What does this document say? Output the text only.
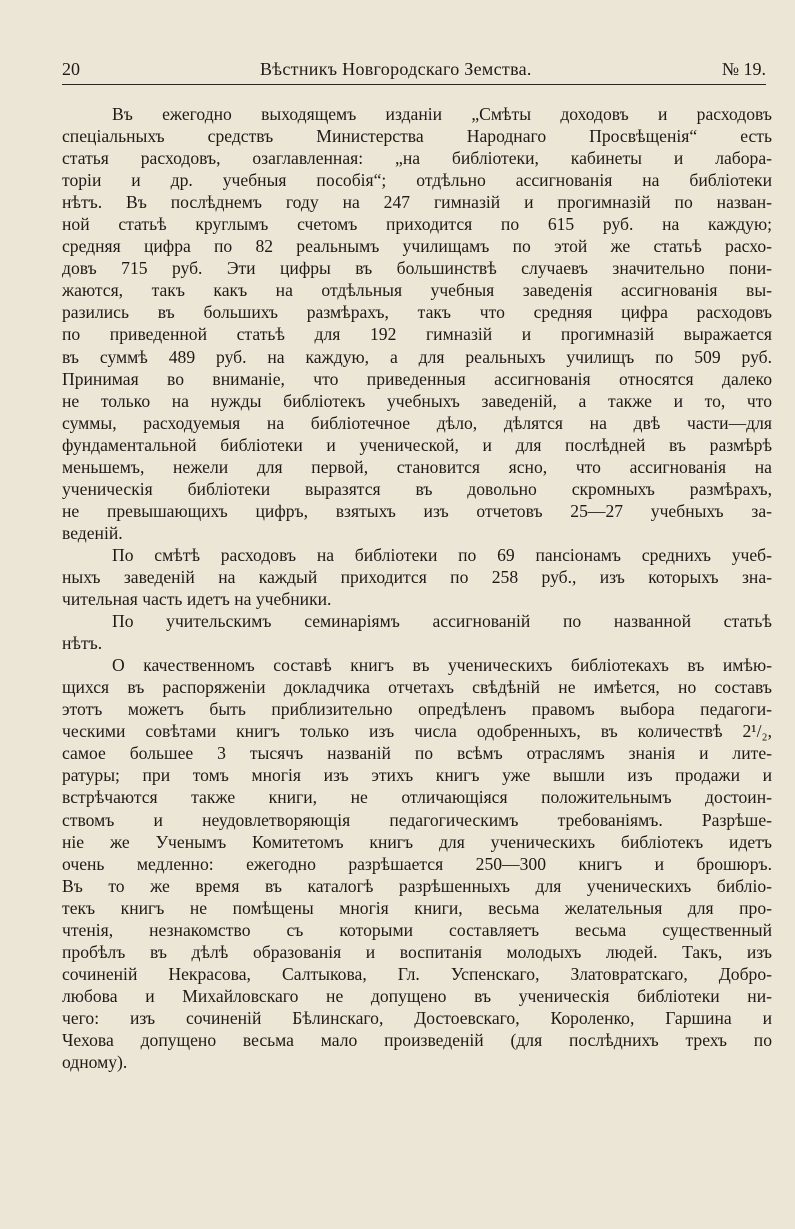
20	Вѣстникъ Новгородскаго Земства.	№ 19.

Въ ежегодно выходящемъ изданіи „Смѣты доходовъ и расходовъ
спеціальныхъ средствъ Министерства Народнаго Просвѣщенія“ есть
статья расходовъ, озаглавленная: „на библіотеки, кабинеты и лабора-
торіи и др. учебныя пособія“; отдѣльно ассигнованія на библіотеки
нѣтъ. Въ послѣднемъ году на 247 гимназій и прогимназій по назван-
ной статьѣ круглымъ счетомъ приходится по 615 руб. на каждую;
средняя цифра по 82 реальнымъ училищамъ по этой же статьѣ расхо-
довъ 715 руб. Эти цифры въ большинствѣ случаевъ значительно пони-
жаются, такъ какъ на отдѣльныя учебныя заведенія ассигнованія вы-
разились въ большихъ размѣрахъ, такъ что средняя цифра расходовъ
по приведенной статьѣ для 192 гимназій и прогимназій выражается
въ суммѣ 489 руб. на каждую, а для реальныхъ училищъ по 509 руб.
Принимая во вниманіе, что приведенныя ассигнованія относятся далеко
не только на нужды библіотекъ учебныхъ заведеній, а также и то, что
суммы, расходуемыя на библіотечное дѣло, дѣлятся на двѣ части—для
фундаментальной библіотеки и ученической, и для послѣдней въ размѣрѣ
меньшемъ, нежели для первой, становится ясно, что ассигнованія на
ученическія библіотеки выразятся въ довольно скромныхъ размѣрахъ,
не превышающихъ цифръ, взятыхъ изъ отчетовъ 25—27 учебныхъ за-
веденій.

По смѣтѣ расходовъ на библіотеки по 69 пансіонамъ среднихъ учеб-
ныхъ заведеній на каждый приходится по 258 руб., изъ которыхъ зна-
чительная часть идетъ на учебники.

По учительскимъ семинаріямъ ассигнованій по названной статьѣ
нѣтъ.

О качественномъ составѣ книгъ въ ученическихъ библіотекахъ въ имѣю-
щихся въ распоряженіи докладчика отчетахъ свѣдѣній не имѣется, но составъ
этотъ можетъ быть приблизительно опредѣленъ правомъ выбора педагоги-
ческими совѣтами книгъ только изъ числа одобренныхъ, въ количествѣ 2¹/₂,
самое большее 3 тысячъ названій по всѣмъ отраслямъ знанія и лите-
ратуры; при томъ многія изъ этихъ книгъ уже вышли изъ продажи и
встрѣчаются также книги, не отличающіяся положительнымъ достоин-
ствомъ и неудовлетворяющія педагогическимъ требованіямъ. Разрѣше-
ніе же Ученымъ Комитетомъ книгъ для ученическихъ библіотекъ идетъ
очень медленно: ежегодно разрѣшается 250—300 книгъ и брошюръ.
Въ то же время въ каталогѣ разрѣшенныхъ для ученическихъ библіо-
текъ книгъ не помѣщены многія книги, весьма желательныя для про-
чтенія, незнакомство съ которыми составляетъ весьма существенный
пробѣлъ въ дѣлѣ образованія и воспитанія молодыхъ людей. Такъ, изъ
сочиненій Некрасова, Салтыкова, Гл. Успенскаго, Златовратскаго, Добро-
любова и Михайловскаго не допущено въ ученическія библіотеки ни-
чего: изъ сочиненій Бѣлинскаго, Достоевскаго, Короленко, Гаршина и
Чехова допущено весьма мало произведеній (для послѣднихъ трехъ по
одному).
